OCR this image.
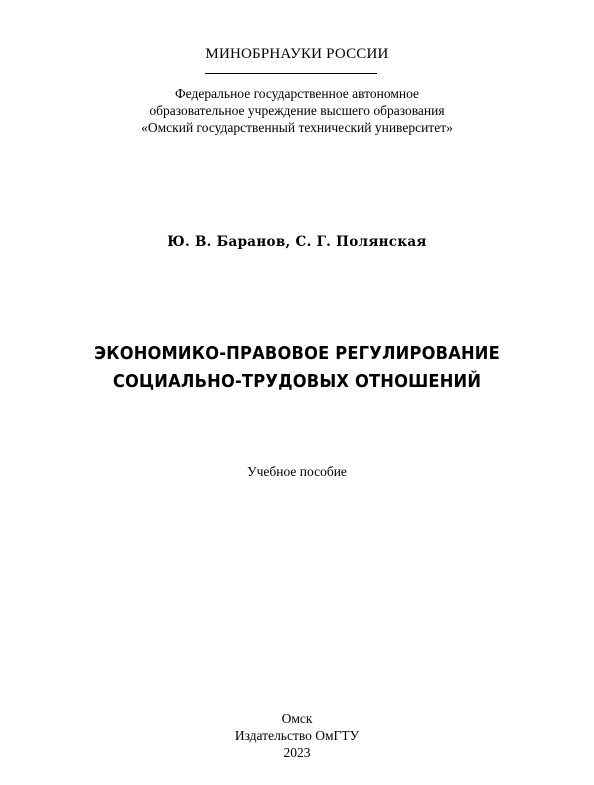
МИНОБРНАУКИ РОССИИ
Федеральное государственное автономное
образовательное учреждение высшего образования
«Омский государственный технический университет»
Ю. В. Баранов, С. Г. Полянская
ЭКОНОМИКО-ПРАВОВОЕ РЕГУЛИРОВАНИЕ
СОЦИАЛЬНО-ТРУДОВЫХ ОТНОШЕНИЙ
Учебное пособие
Омск
Издательство ОмГТУ
2023
